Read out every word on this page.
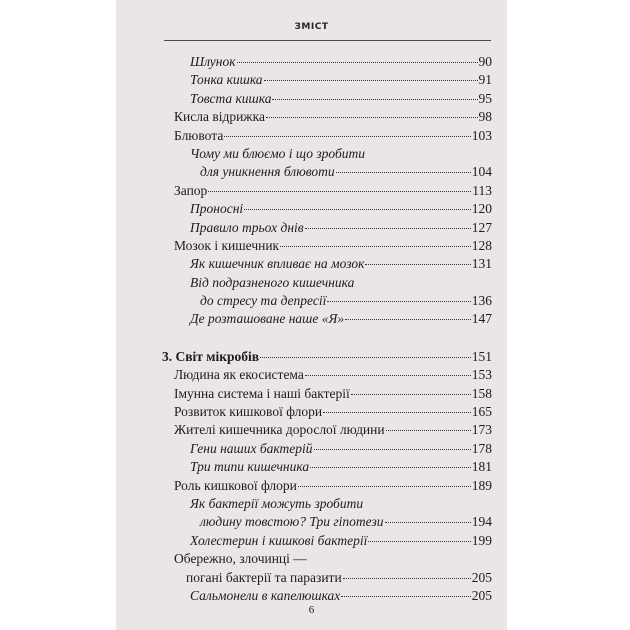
ЗМІСТ
Шлунок	90
Тонка кишка	91
Товста кишка	95
Кисла відрижка	98
Блювота	103
Чому ми блюємо і що зробити
для уникнення блювоти	104
Запор	113
Проносні	120
Правило трьох днів	127
Мозок і кишечник	128
Як кишечник впливає на мозок	131
Від подразненого кишечника
до стресу та депресії	136
Де розташоване наше «Я»	147
3. Світ мікробів	151
Людина як екосистема	153
Імунна система і наші бактерії	158
Розвиток кишкової флори	165
Жителі кишечника дорослої людини	173
Гени наших бактерій	178
Три типи кишечника	181
Роль кишкової флори	189
Як бактерії можуть зробити
людину товстою? Три гіпотези	194
Холестерин і кишкові бактерії	199
Обережно, злочинці —
погані бактерії та паразити	205
Сальмонели в капелюшках	205
6
